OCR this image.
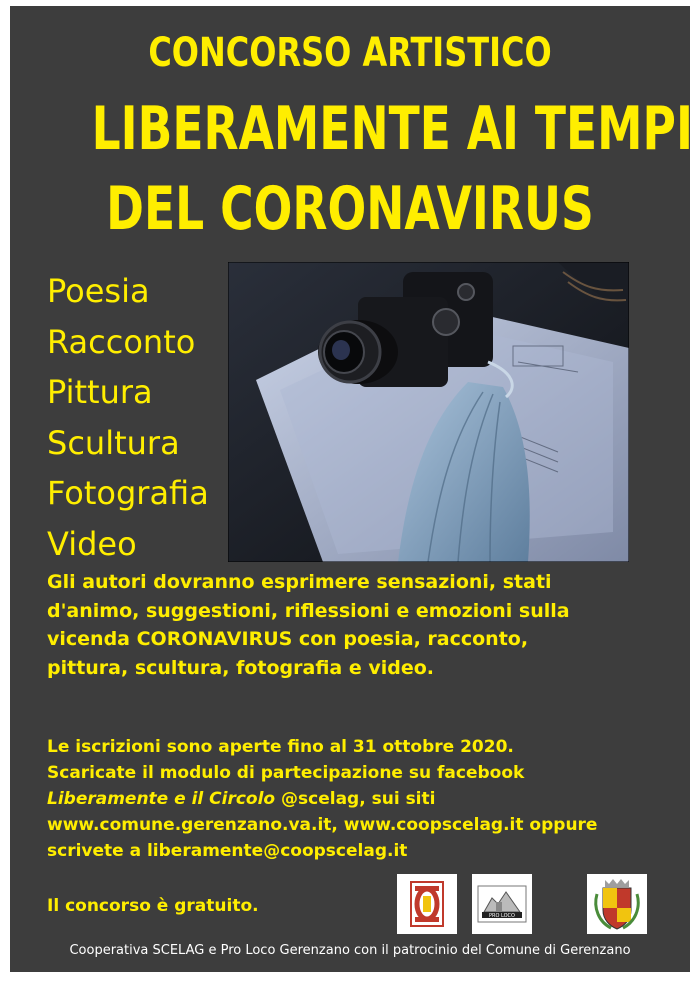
CONCORSO ARTISTICO
LIBERAMENTE AI TEMPI
DEL CORONAVIRUS
Poesia
Racconto
Pittura
Scultura
Fotografia
Video
Gli autori dovranno esprimere sensazioni, stati d'animo, suggestioni, riflessioni e emozioni sulla vicenda CORONAVIRUS con poesia, racconto, pittura, scultura, fotografia e video.
Le iscrizioni sono aperte fino al 31 ottobre 2020.
Scaricate il modulo di partecipazione su facebook
Liberamente e il Circolo @scelag, sui siti
www.comune.gerenzano.va.it, www.coopscelag.it oppure
scrivete a liberamente@coopscelag.it
Il concorso è gratuito.	PRO LOCO
Cooperativa SCELAG e Pro Loco Gerenzano con il patrocinio del Comune di Gerenzano
